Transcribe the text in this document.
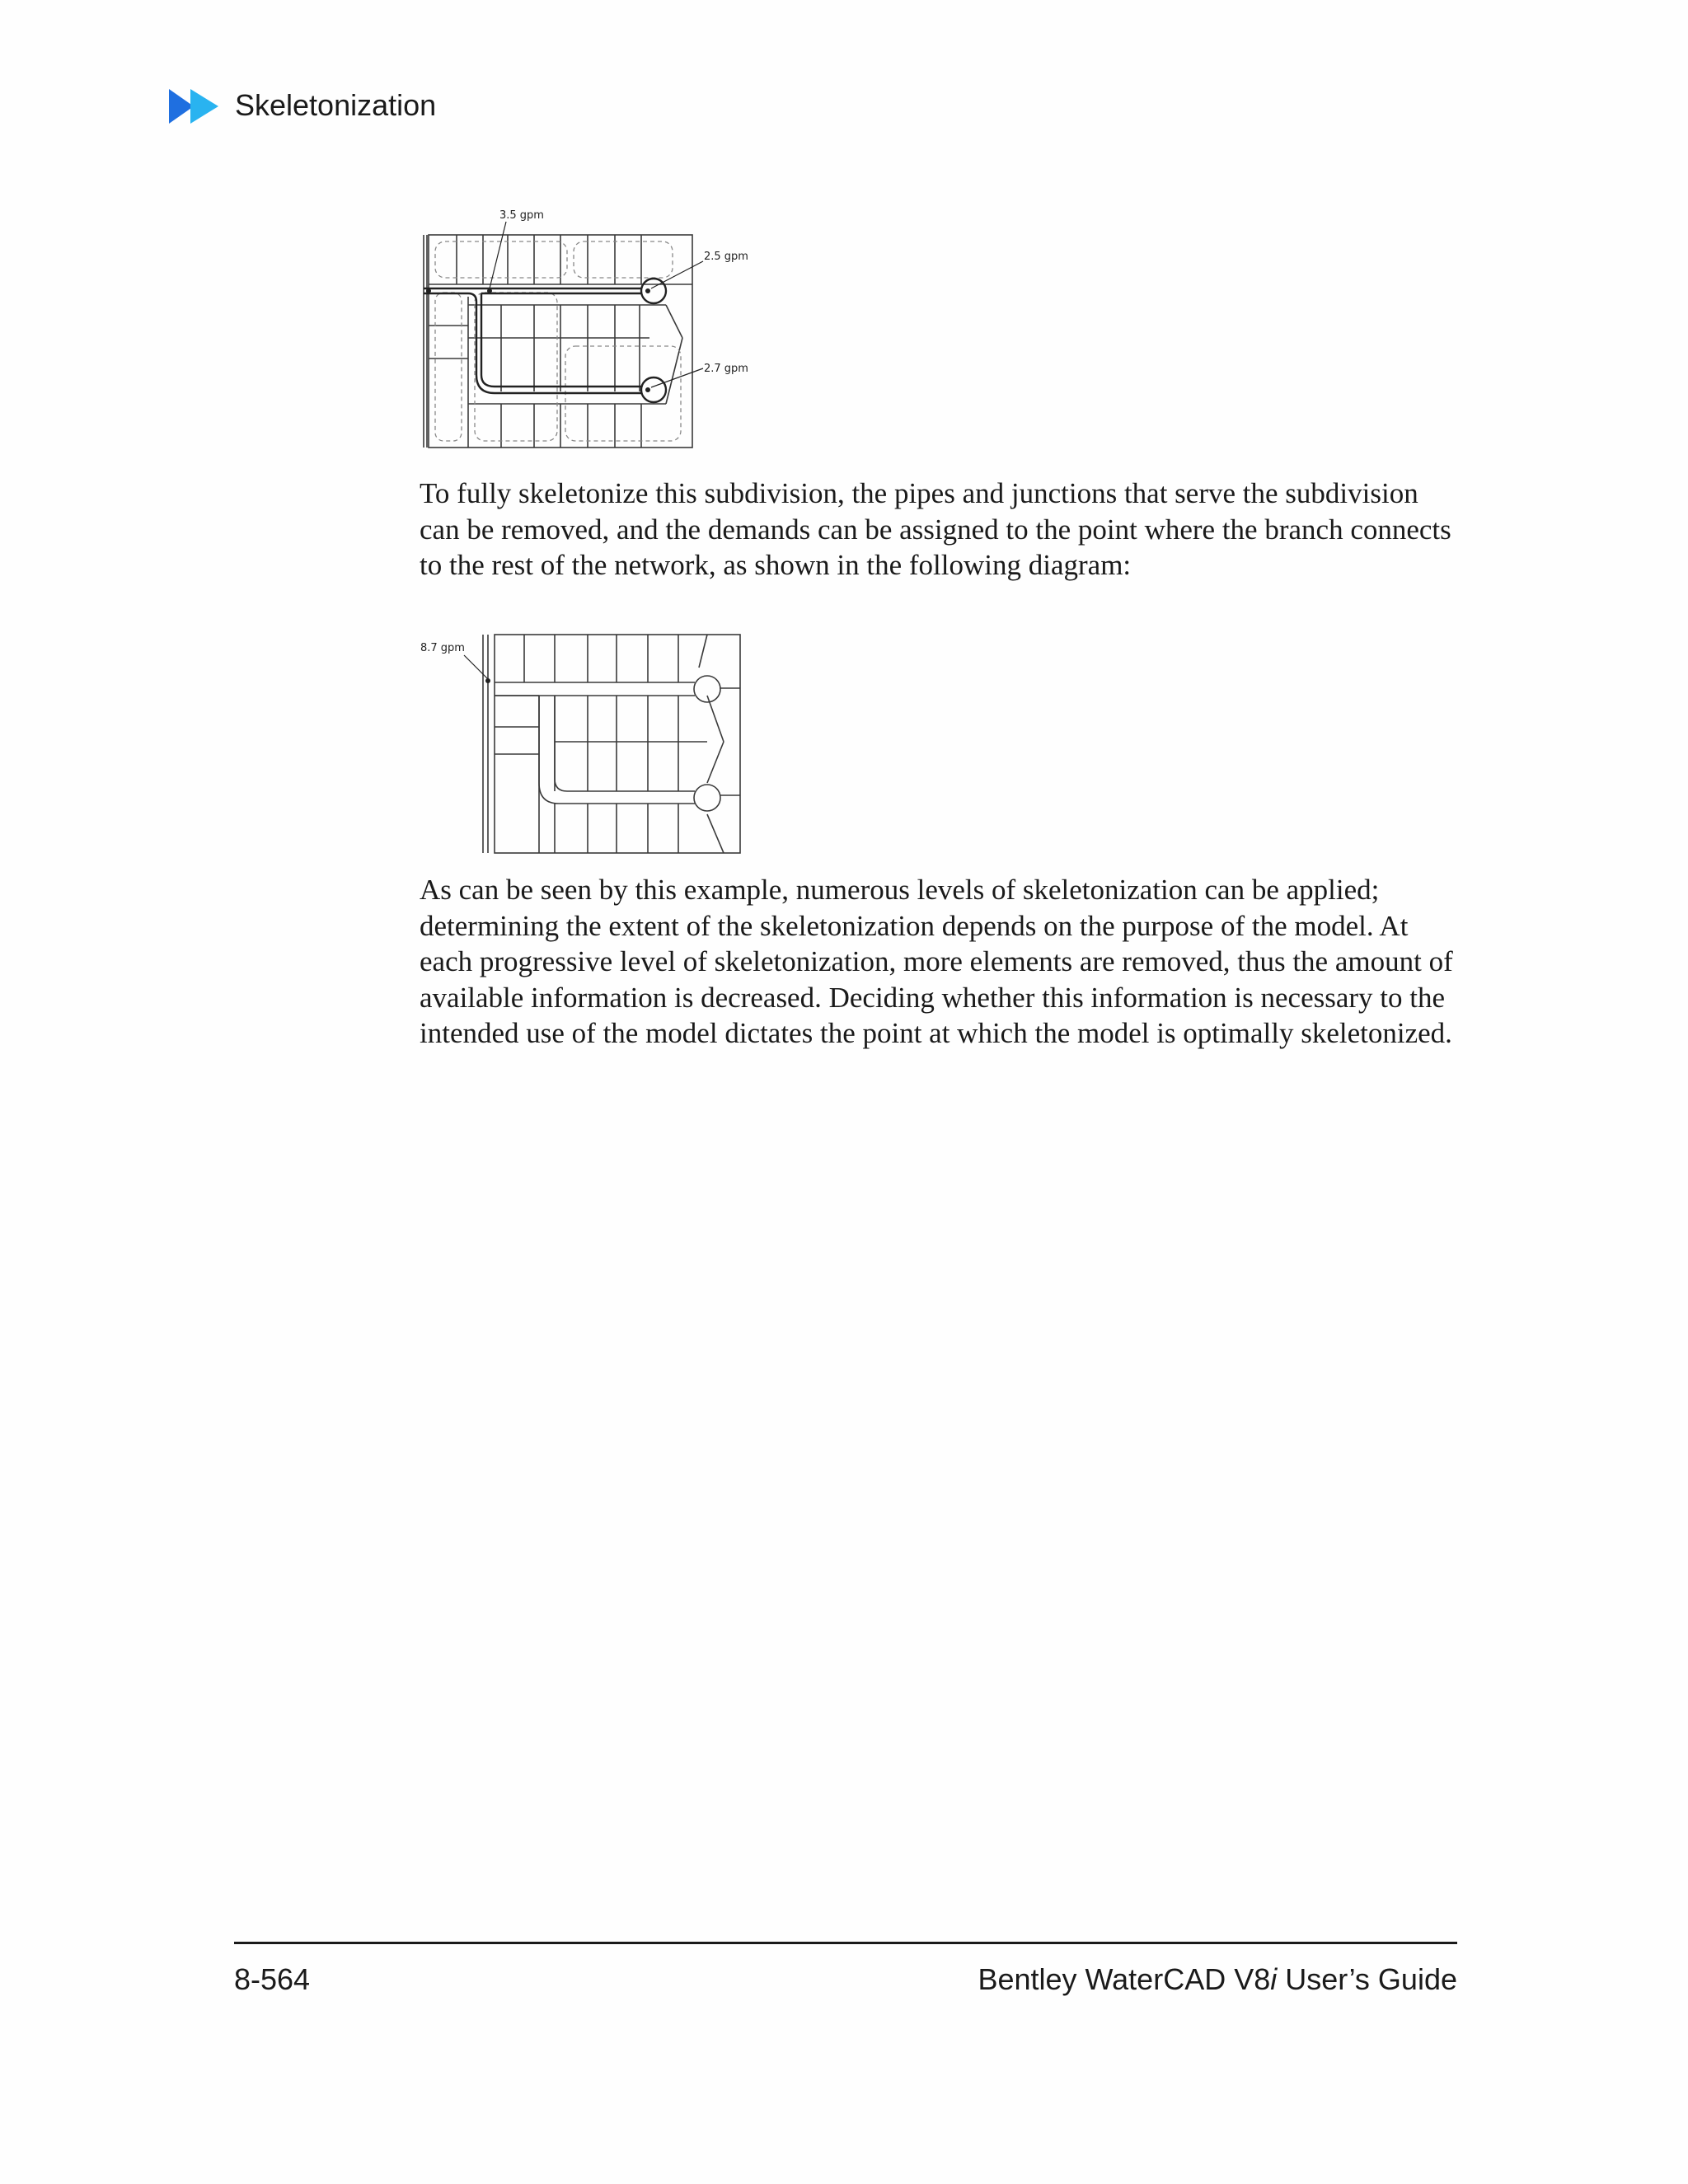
Skeletonization
3.5 gpm
2.5 gpm
2.7 gpm
To fully skeletonize this subdivision, the pipes and junctions that serve the subdivision can be removed, and the demands can be assigned to the point where the branch connects to the rest of the network, as shown in the following diagram:
8.7 gpm
As can be seen by this example, numerous levels of skeletonization can be applied; determining the extent of the skeletonization depends on the purpose of the model. At each progressive level of skeletonization, more elements are removed, thus the amount of available information is decreased. Deciding whether this information is necessary to the intended use of the model dictates the point at which the model is optimally skeletonized.
8-564	Bentley WaterCAD V8i User’s Guide
